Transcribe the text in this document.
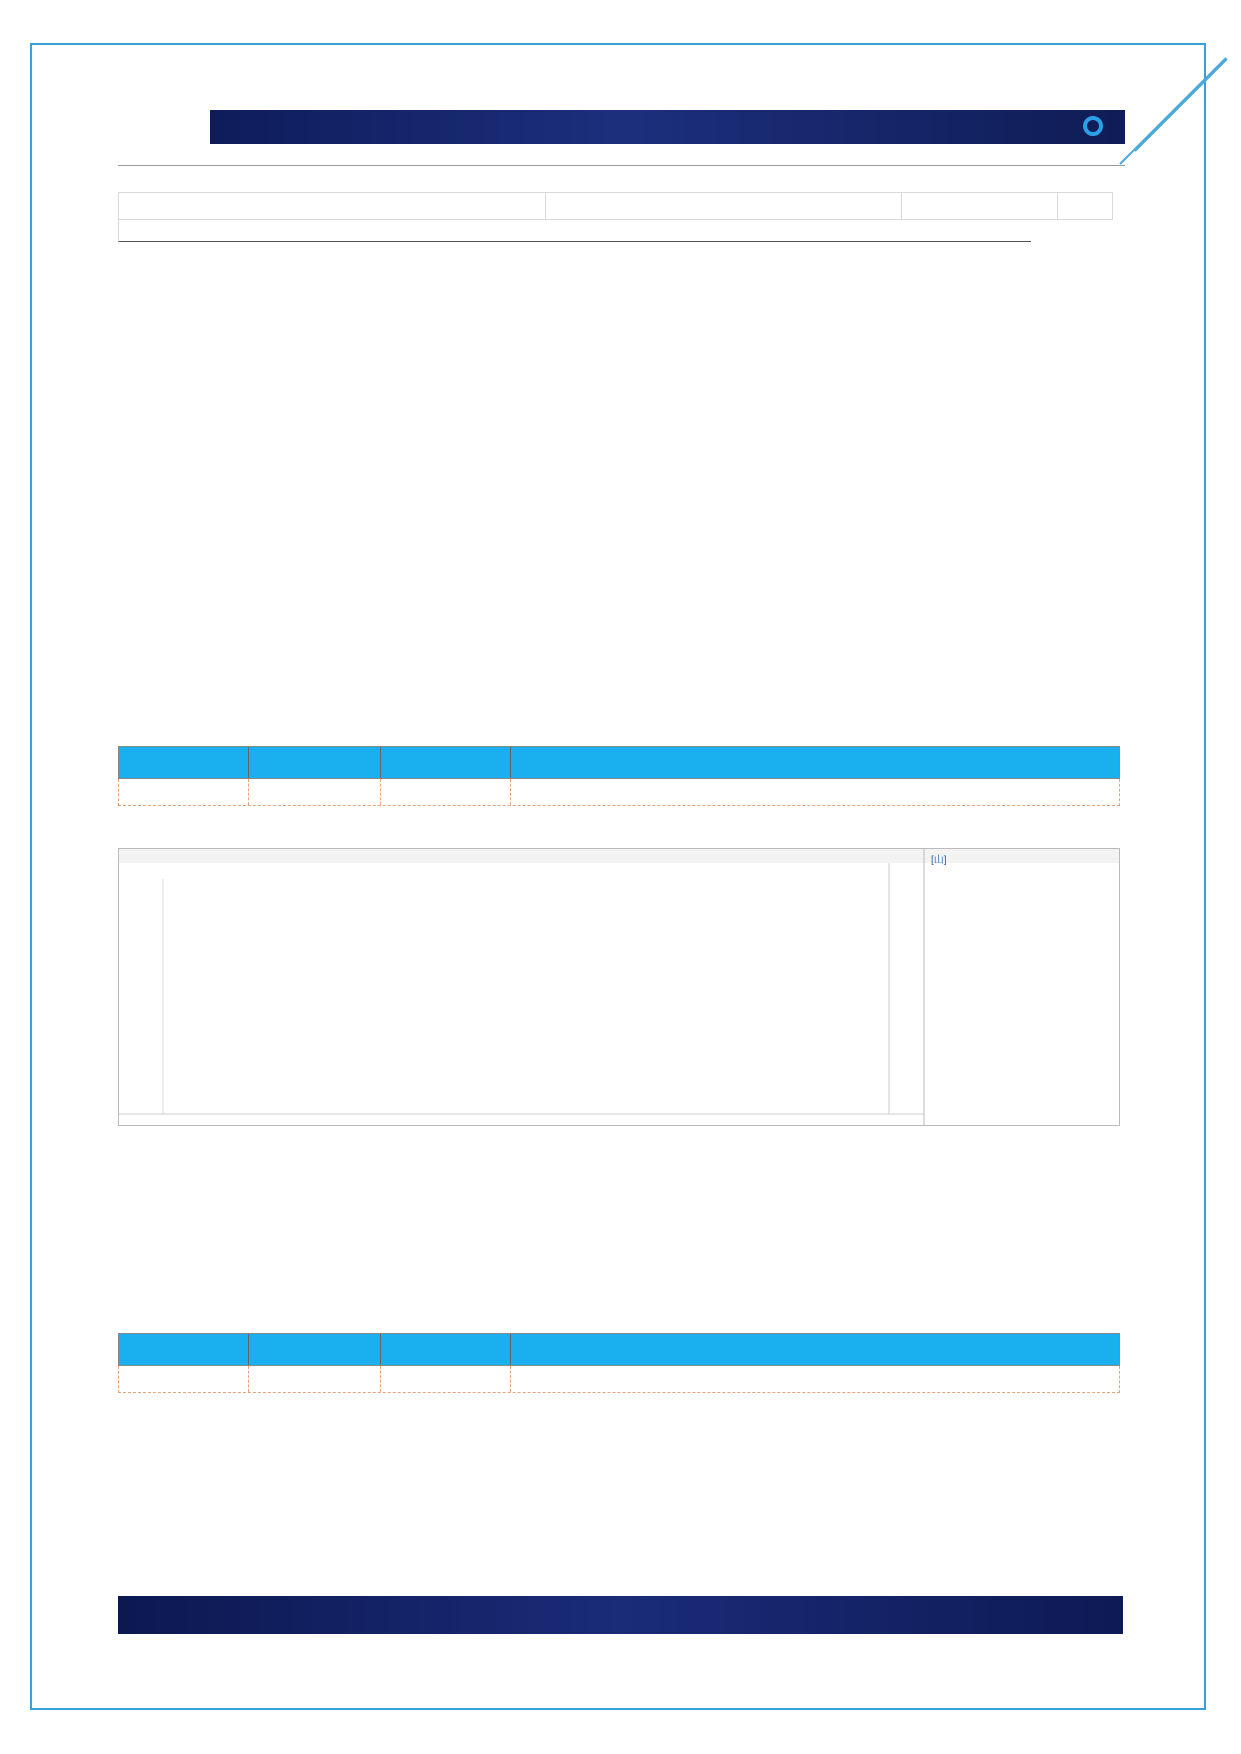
[山]
